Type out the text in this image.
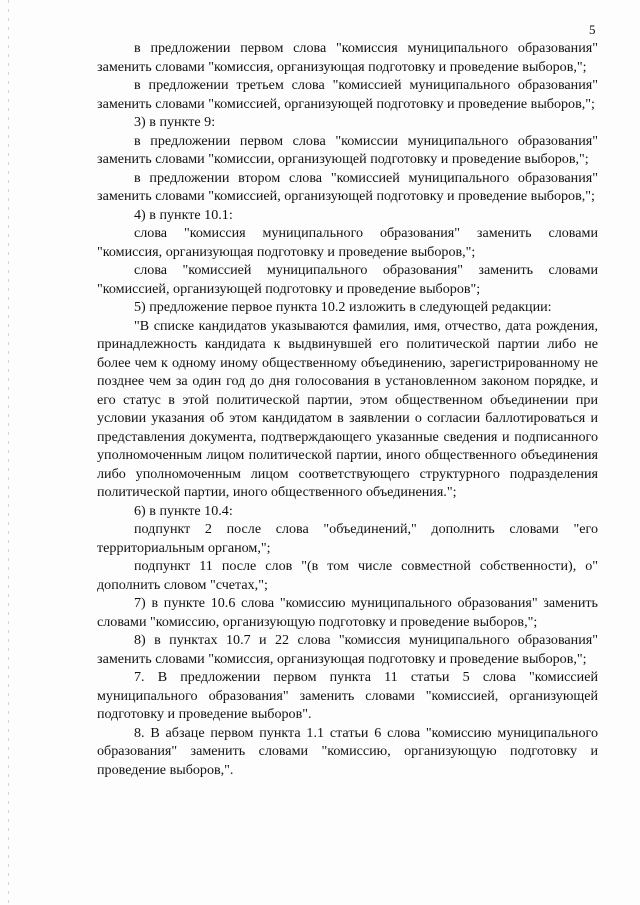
5

в предложении первом слова "комиссия муниципального образования" заменить словами "комиссия, организующая подготовку и проведение выборов,";

в предложении третьем слова "комиссией муниципального образования" заменить словами "комиссией, организующей подготовку и проведение выборов,";

3) в пункте 9:

в предложении первом слова "комиссии муниципального образования" заменить словами "комиссии, организующей подготовку и проведение выборов,";

в предложении втором слова "комиссией муниципального образования" заменить словами "комиссией, организующей подготовку и проведение выборов,";

4) в пункте 10.1:

слова "комиссия муниципального образования" заменить словами "комиссия, организующая подготовку и проведение выборов,";

слова "комиссией муниципального образования" заменить словами "комиссией, организующей подготовку и проведение выборов";

5) предложение первое пункта 10.2 изложить в следующей редакции:

"В списке кандидатов указываются фамилия, имя, отчество, дата рождения, принадлежность кандидата к выдвинувшей его политической партии либо не более чем к одному иному общественному объединению, зарегистрированному не позднее чем за один год до дня голосования в установленном законом порядке, и его статус в этой политической партии, этом общественном объединении при условии указания об этом кандидатом в заявлении о согласии баллотироваться и представления документа, подтверждающего указанные сведения и подписанного уполномоченным лицом политической партии, иного общественного объединения либо уполномоченным лицом соответствующего структурного подразделения политической партии, иного общественного объединения.";

6) в пункте 10.4:

подпункт 2 после слова "объединений," дополнить словами "его территориальным органом,";

подпункт 11 после слов "(в том числе совместной собственности), о" дополнить словом "счетах,";

7) в пункте 10.6 слова "комиссию муниципального образования" заменить словами "комиссию, организующую подготовку и проведение выборов,";

8) в пунктах 10.7 и 22 слова "комиссия муниципального образования" заменить словами "комиссия, организующая подготовку и проведение выборов,";

7. В предложении первом пункта 11 статьи 5 слова "комиссией муниципального образования" заменить словами "комиссией, организующей подготовку и проведение выборов".

8. В абзаце первом пункта 1.1 статьи 6 слова "комиссию муниципального образования" заменить словами "комиссию, организующую подготовку и проведение выборов,".
